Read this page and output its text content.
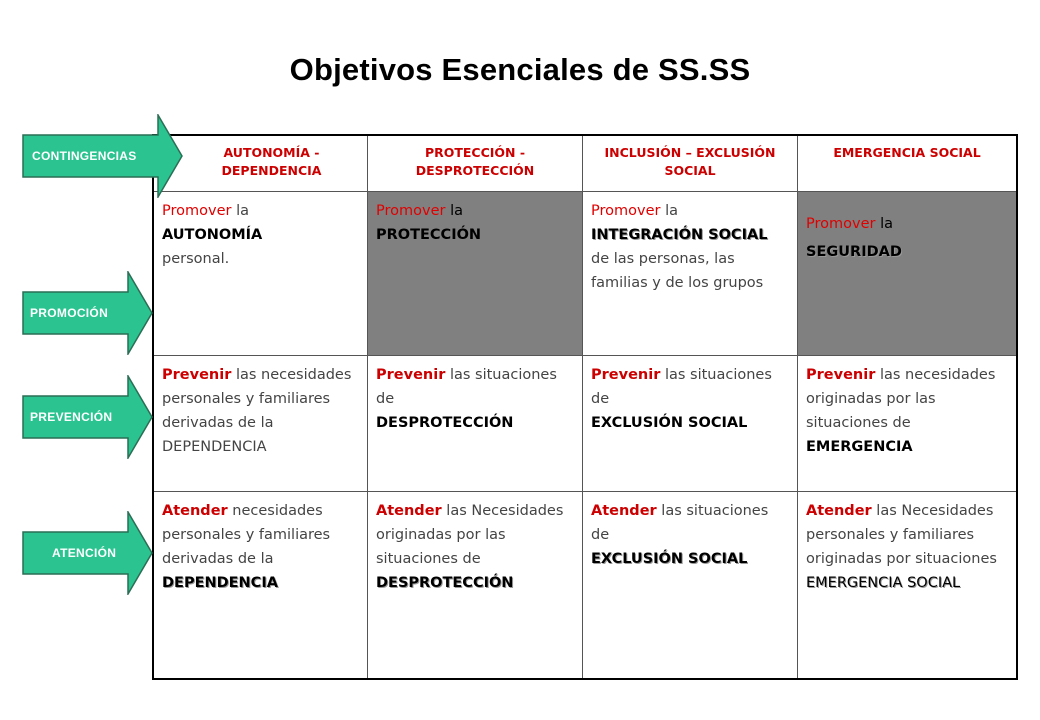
Objetivos Esenciales de SS.SS
AUTONOMÍA -
DEPENDENCIA
PROTECCIÓN -
DESPROTECCIÓN
INCLUSIÓN – EXCLUSIÓN
SOCIAL
EMERGENCIA SOCIAL
Promover la
AUTONOMÍA
personal.
Promover la
PROTECCIÓN
Promover la
INTEGRACIÓN SOCIAL
de las personas, las familias y de los grupos
Promover la
SEGURIDAD
Prevenir las necesidades personales y familiares derivadas de la DEPENDENCIA
Prevenir las situaciones de
DESPROTECCIÓN
Prevenir las situaciones de
EXCLUSIÓN SOCIAL
Prevenir las necesidades originadas por las situaciones de
EMERGENCIA
Atender necesidades personales y familiares derivadas de la DEPENDENCIA
Atender las Necesidades originadas por las situaciones de
DESPROTECCIÓN
Atender las situaciones de
EXCLUSIÓN SOCIAL
Atender las Necesidades personales y familiares originadas por situaciones
EMERGENCIA SOCIAL
CONTINGENCIAS
PROMOCIÓN
PREVENCIÓN
ATENCIÓN
